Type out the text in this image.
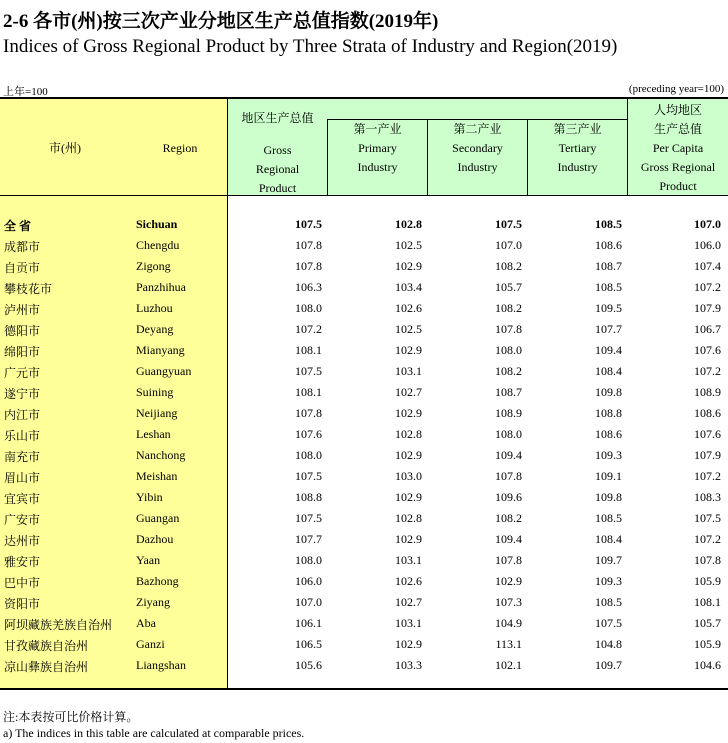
2-6 各市(州)按三次产业分地区生产总值指数(2019年)
Indices of Gross Regional Product by Three Strata of Industry and Region(2019)
上年=100	(preceding year=100)
市(州)	Region
地区生产总值
Gross
Regional
Product
第一产业
Primary
Industry
第二产业
Secondary
Industry
第三产业
Tertiary
Industry
人均地区
生产总值
Per Capita
Gross Regional
Product
全 省	Sichuan	107.5	102.8	107.5	108.5	107.0
成都市	Chengdu	107.8	102.5	107.0	108.6	106.0
自贡市	Zigong	107.8	102.9	108.2	108.7	107.4
攀枝花市	Panzhihua	106.3	103.4	105.7	108.5	107.2
泸州市	Luzhou	108.0	102.6	108.2	109.5	107.9
德阳市	Deyang	107.2	102.5	107.8	107.7	106.7
绵阳市	Mianyang	108.1	102.9	108.0	109.4	107.6
广元市	Guangyuan	107.5	103.1	108.2	108.4	107.2
遂宁市	Suining	108.1	102.7	108.7	109.8	108.9
内江市	Neijiang	107.8	102.9	108.9	108.8	108.6
乐山市	Leshan	107.6	102.8	108.0	108.6	107.6
南充市	Nanchong	108.0	102.9	109.4	109.3	107.9
眉山市	Meishan	107.5	103.0	107.8	109.1	107.2
宜宾市	Yibin	108.8	102.9	109.6	109.8	108.3
广安市	Guangan	107.5	102.8	108.2	108.5	107.5
达州市	Dazhou	107.7	102.9	109.4	108.4	107.2
雅安市	Yaan	108.0	103.1	107.8	109.7	107.8
巴中市	Bazhong	106.0	102.6	102.9	109.3	105.9
资阳市	Ziyang	107.0	102.7	107.3	108.5	108.1
阿坝藏族羌族自治州 Aba	106.1	103.1	104.9	107.5	105.7
甘孜藏族自治州	Ganzi	106.5	102.9	113.1	104.8	105.9
凉山彝族自治州	Liangshan	105.6	103.3	102.1	109.7	104.6
注:本表按可比价格计算。
a) The indices in this table are calculated at comparable prices.
